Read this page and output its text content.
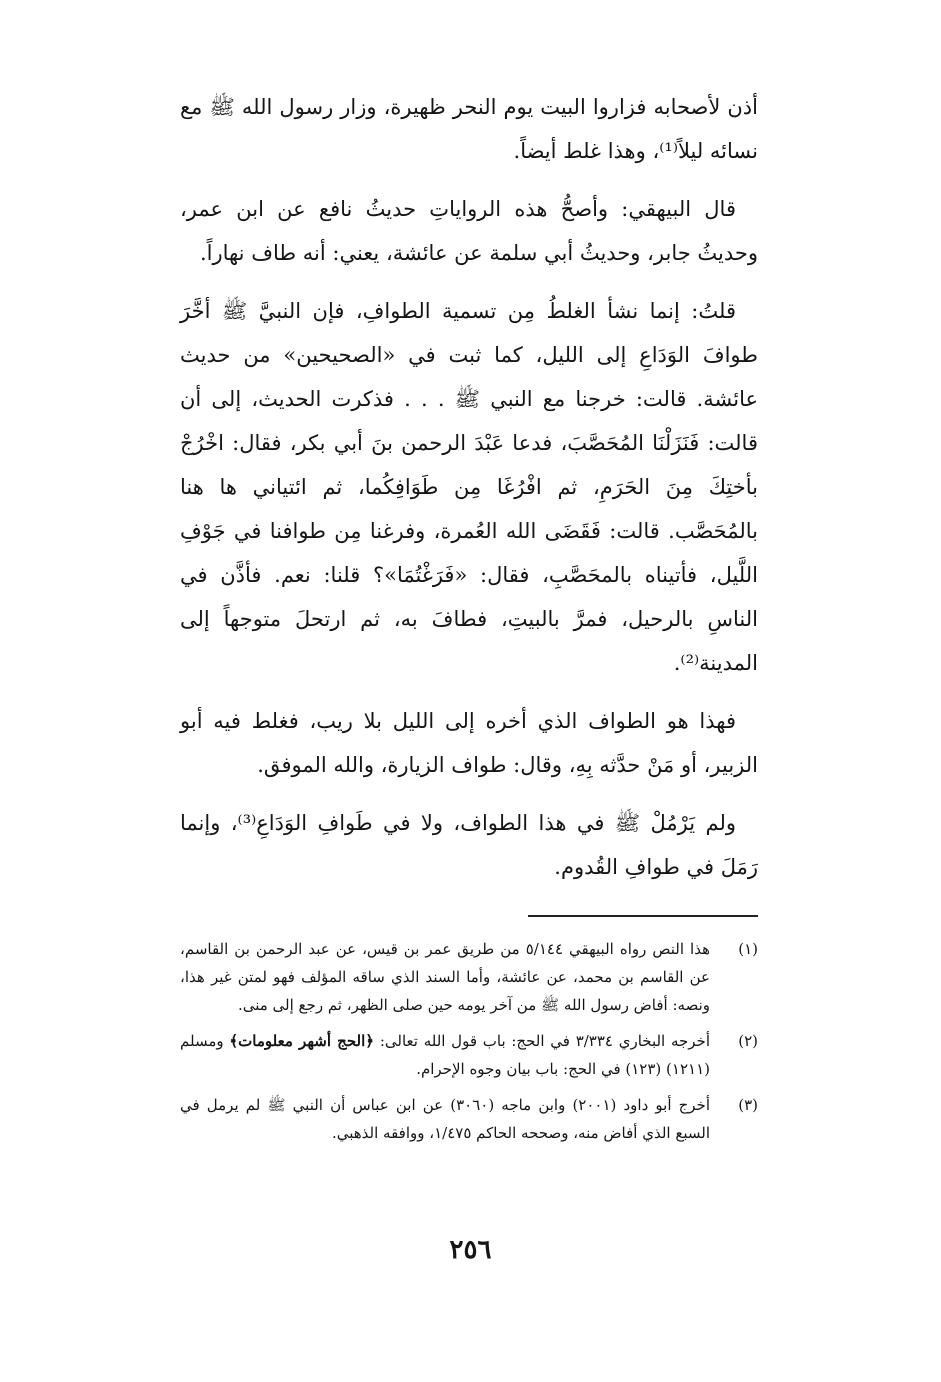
أذن لأصحابه فزاروا البيت يوم النحر ظهيرة، وزار رسول الله ﷺ مع نسائه ليلاً⁽¹⁾، وهذا غلط أيضاً.

قال البيهقي: وأصحُّ هذه الرواياتِ حديثُ نافع عن ابن عمر، وحديثُ جابر، وحديثُ أبي سلمة عن عائشة، يعني: أنه طاف نهاراً.

قلتُ: إنما نشأ الغلطُ مِن تسمية الطوافِ، فإن النبيَّ ﷺ أخَّرَ طوافَ الوَدَاعِ إلى الليل، كما ثبت في «الصحيحين» من حديث عائشة. قالت: خرجنا مع النبي ﷺ . . . فذكرت الحديث، إلى أن قالت: فَنَزَلْنَا المُحَصَّبَ، فدعا عَبْدَ الرحمن بنَ أبي بكر، فقال: اخْرُجْ بأختِكَ مِنَ الحَرَمِ، ثم افْرُغَا مِن طَوَافِكُما، ثم ائتياني ها هنا بالمُحَصَّب. قالت: فَقَضَى الله العُمرة، وفرغنا مِن طوافنا في جَوْفِ اللَّيل، فأتيناه بالمحَصَّبِ، فقال: «فَرَغْتُمَا»؟ قلنا: نعم. فأذَّن في الناسِ بالرحيل، فمرَّ بالبيتِ، فطافَ به، ثم ارتحلَ متوجهاً إلى المدينة⁽²⁾.

فهذا هو الطواف الذي أخره إلى الليل بلا ريب، فغلط فيه أبو الزبير، أو مَنْ حدَّثه بِهِ، وقال: طواف الزيارة، والله الموفق.

ولم يَرْمُلْ ﷺ في هذا الطواف، ولا في طَوافِ الوَدَاعِ⁽³⁾، وإنما رَمَلَ في طوافِ القُدوم.

(١)
هذا النص رواه البيهقي ٥/١٤٤ من طريق عمر بن قيس، عن عبد الرحمن بن القاسم، عن القاسم بن محمد، عن عائشة، وأما السند الذي ساقه المؤلف فهو لمتن غير هذا، ونصه: أفاض رسول الله ﷺ من آخر يومه حين صلى الظهر، ثم رجع إلى منى.
(٢)
أخرجه البخاري ٣/٣٣٤ في الحج: باب قول الله تعالى: ﴿الحج أشهر معلومات﴾ ومسلم (١٢١١) (١٢٣) في الحج: باب بيان وجوه الإحرام.
(٣)
أخرج أبو داود (٢٠٠١) وابن ماجه (٣٠٦٠) عن ابن عباس أن النبي ﷺ لم يرمل في السبع الذي أفاض منه، وصححه الحاكم ١/٤٧٥، ووافقه الذهبي.
٢٥٦
